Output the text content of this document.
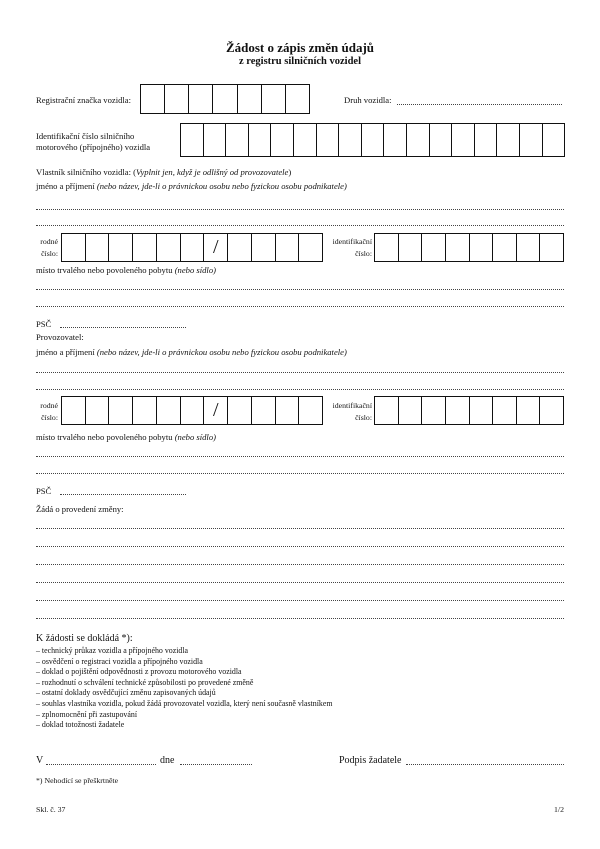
Žádost o zápis změn údajů
z registru silničních vozidel
Registrační značka vozidla:	Druh vozidla:
Identifikační číslo silničního
motorového (přípojného) vozidla
Vlastník silničního vozidla: (Vyplnit jen, když je odlišný od provozovatele)
jméno a příjmení (nebo název, jde-li o právnickou osobu nebo fyzickou osobu podnikatele)
rodné
číslo:	/	identifikační
číslo:
místo trvalého nebo povoleného pobytu (nebo sídlo)
PSČ
Provozovatel:
jméno a příjmení (nebo název, jde-li o právnickou osobu nebo fyzickou osobu podnikatele)
rodné
číslo:	/	identifikační
číslo:
místo trvalého nebo povoleného pobytu (nebo sídlo)
PSČ
Žádá o provedení změny:
K žádosti se dokládá *):
– technický průkaz vozidla a přípojného vozidla
– osvědčení o registraci vozidla a přípojného vozidla
– doklad o pojištění odpovědnosti z provozu motorového vozidla
– rozhodnutí o schválení technické způsobilosti po provedené změně
– ostatní doklady osvědčující změnu zapisovaných údajů
– souhlas vlastníka vozidla, pokud žádá provozovatel vozidla, který není současně vlastníkem
– zplnomocnění při zastupování
– doklad totožnosti žadatele
V	dne	Podpis žadatele
*) Nehodící se přeškrtněte
Skl. č. 37	1/2
